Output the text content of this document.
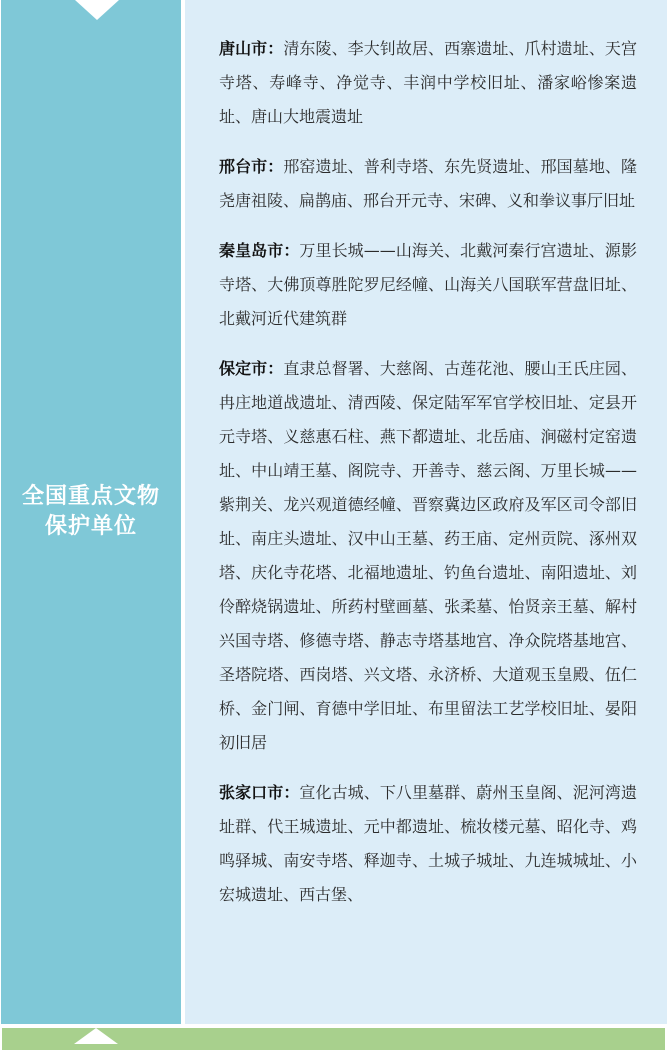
全国重点文物
保护单位

唐山市：清东陵、李大钊故居、西寨遗址、爪村遗址、天宫寺塔、寿峰寺、净觉寺、丰润中学校旧址、潘家峪惨案遗址、唐山大地震遗址

邢台市：邢窑遗址、普利寺塔、东先贤遗址、邢国墓地、隆尧唐祖陵、扁鹊庙、邢台开元寺、宋碑、义和拳议事厅旧址

秦皇岛市：万里长城——山海关、北戴河秦行宫遗址、源影寺塔、大佛顶尊胜陀罗尼经幢、山海关八国联军营盘旧址、北戴河近代建筑群

保定市：直隶总督署、大慈阁、古莲花池、腰山王氏庄园、冉庄地道战遗址、清西陵、保定陆军军官学校旧址、定县开元寺塔、义慈惠石柱、燕下都遗址、北岳庙、涧磁村定窑遗址、中山靖王墓、阁院寺、开善寺、慈云阁、万里长城——紫荆关、龙兴观道德经幢、晋察冀边区政府及军区司令部旧址、南庄头遗址、汉中山王墓、药王庙、定州贡院、涿州双塔、庆化寺花塔、北福地遗址、钓鱼台遗址、南阳遗址、刘伶醉烧锅遗址、所药村壁画墓、张柔墓、怡贤亲王墓、解村兴国寺塔、修德寺塔、静志寺塔基地宫、净众院塔基地宫、圣塔院塔、西岗塔、兴文塔、永济桥、大道观玉皇殿、伍仁桥、金门闸、育德中学旧址、布里留法工艺学校旧址、晏阳初旧居

张家口市：宣化古城、下八里墓群、蔚州玉皇阁、泥河湾遗址群、代王城遗址、元中都遗址、梳妆楼元墓、昭化寺、鸡鸣驿城、南安寺塔、释迦寺、土城子城址、九连城城址、小宏城遗址、西古堡、
